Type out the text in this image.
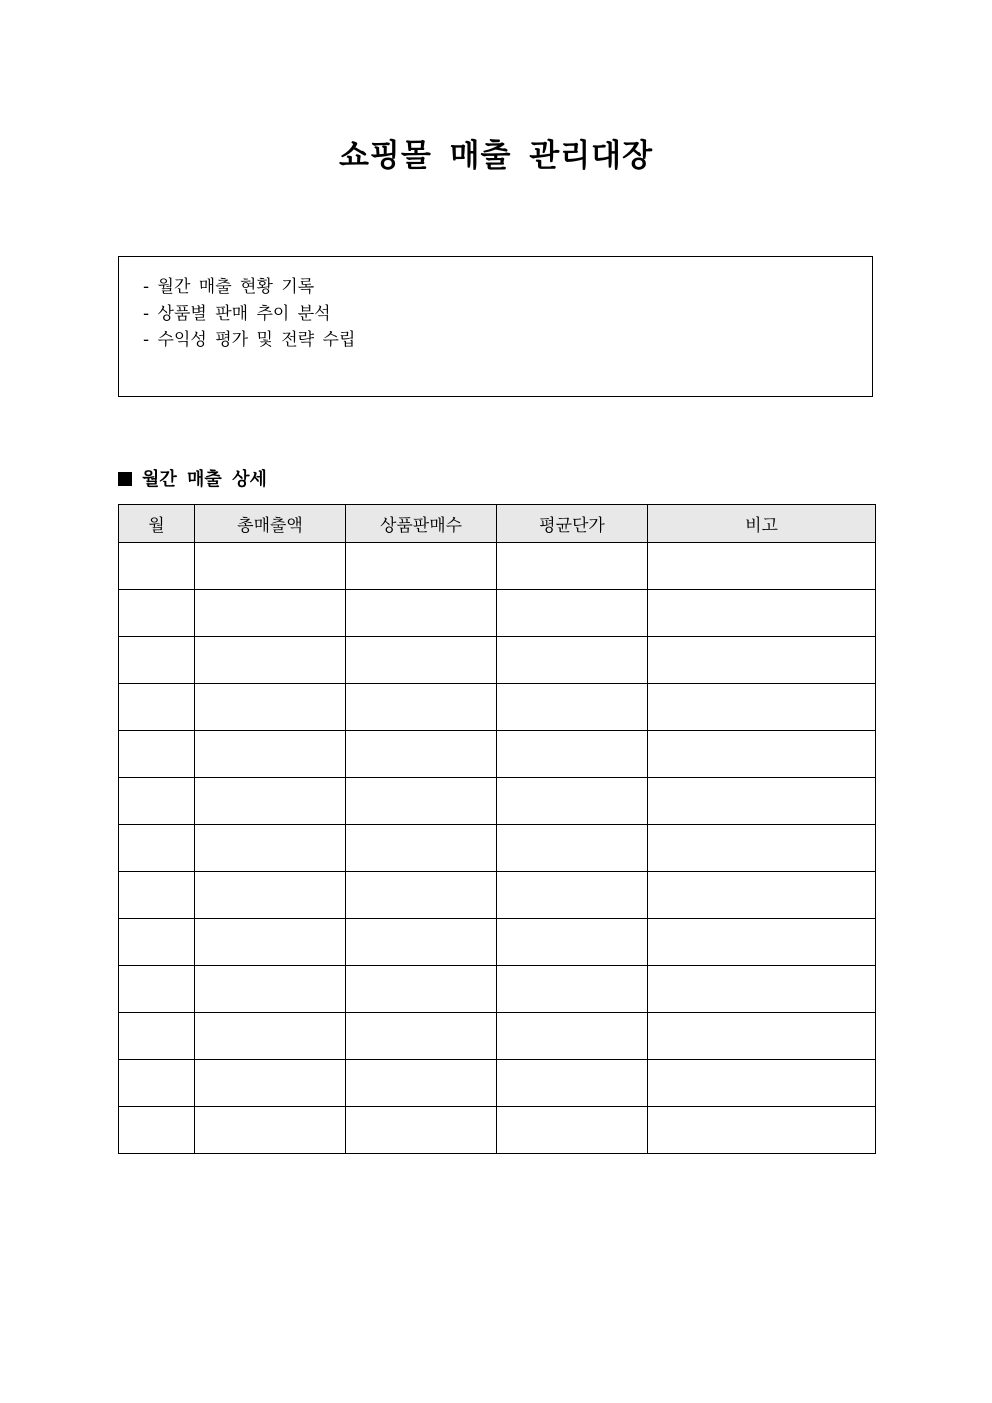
쇼핑몰 매출 관리대장
- 월간 매출 현황 기록
- 상품별 판매 추이 분석
- 수익성 평가 및 전략 수립
월간 매출 상세
월	총매출액	상품판매수	평균단가	비고
